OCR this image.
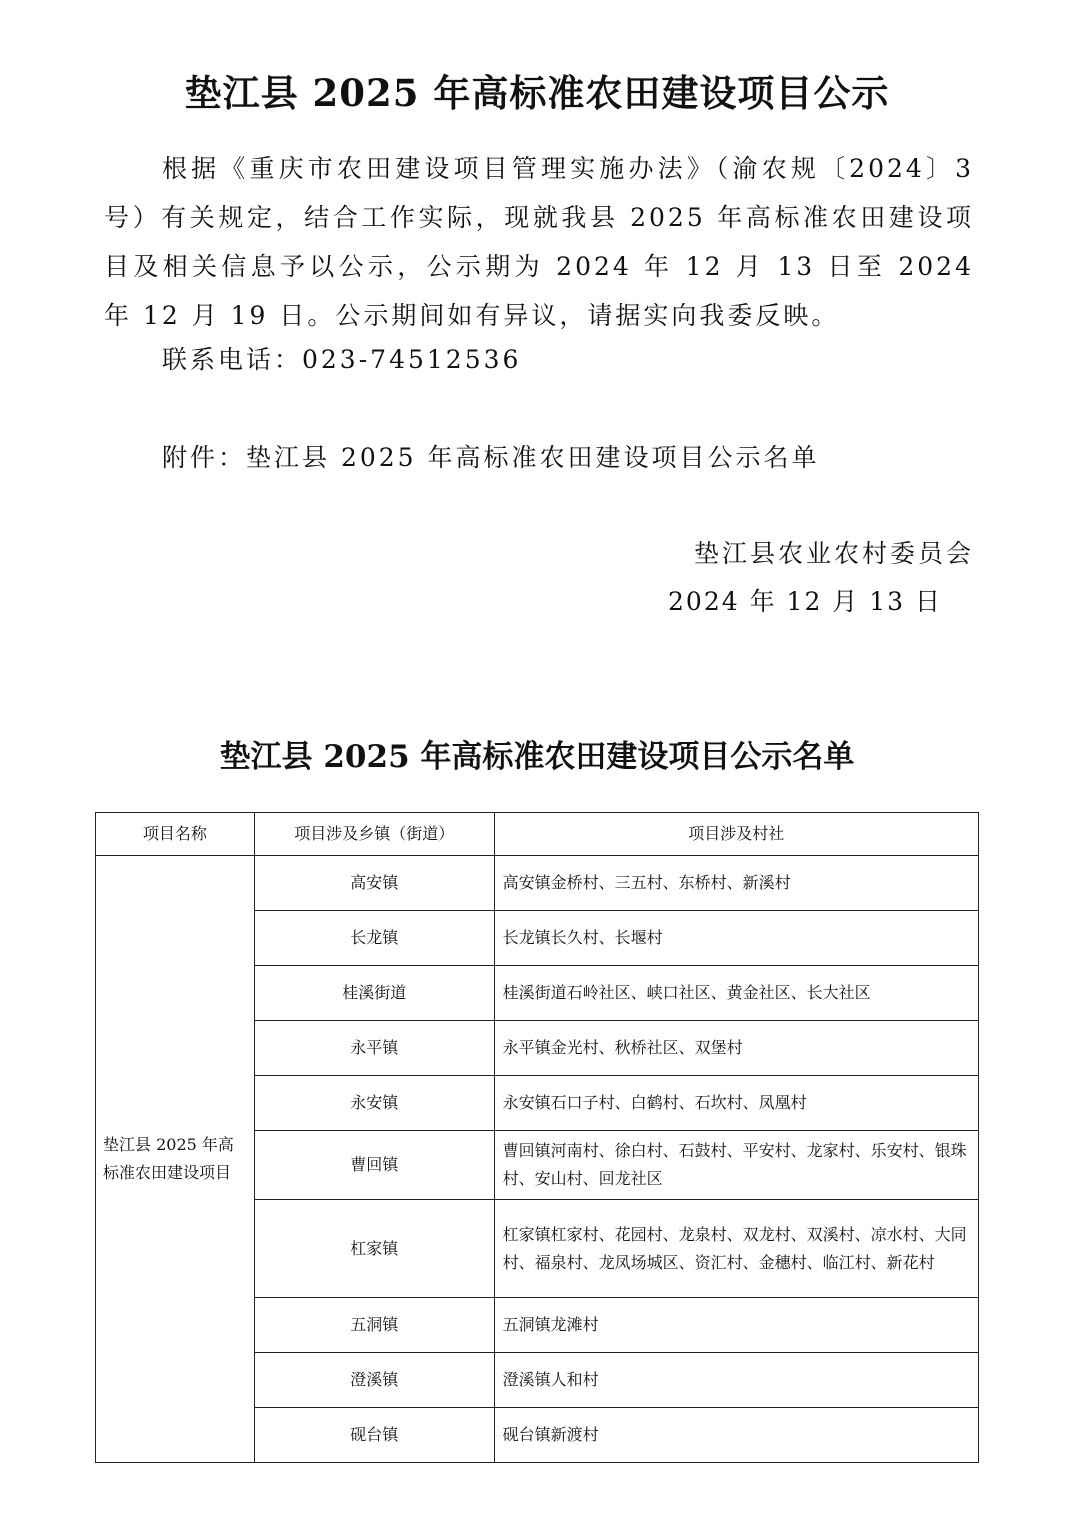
垫江县 2025 年高标准农田建设项目公示

根据《重庆市农田建设项目管理实施办法》（渝农规〔2024〕3号）有关规定，结合工作实际，现就我县 2025 年高标准农田建设项目及相关信息予以公示，公示期为 2024 年 12 月 13 日至 2024 年 12 月 19 日。公示期间如有异议，请据实向我委反映。

联系电话：023-74512536
附件：垫江县 2025 年高标准农田建设项目公示名单
垫江县农业农村委员会
2024 年 12 月 13 日
垫江县 2025 年高标准农田建设项目公示名单
项目名称	项目涉及乡镇（街道）	项目涉及村社
垫江县 2025 年高标准农田建设项目	高安镇	高安镇金桥村、三五村、东桥村、新溪村
	长龙镇	长龙镇长久村、长堰村
	桂溪街道	桂溪街道石岭社区、峡口社区、黄金社区、长大社区
	永平镇	永平镇金光村、秋桥社区、双堡村
	永安镇	永安镇石口子村、白鹤村、石坎村、凤凰村
	曹回镇	曹回镇河南村、徐白村、石鼓村、平安村、龙家村、乐安村、银珠村、安山村、回龙社区
	杠家镇	杠家镇杠家村、花园村、龙泉村、双龙村、双溪村、凉水村、大同村、福泉村、龙凤场城区、资汇村、金穗村、临江村、新花村
	五洞镇	五洞镇龙滩村
	澄溪镇	澄溪镇人和村
	砚台镇	砚台镇新渡村
